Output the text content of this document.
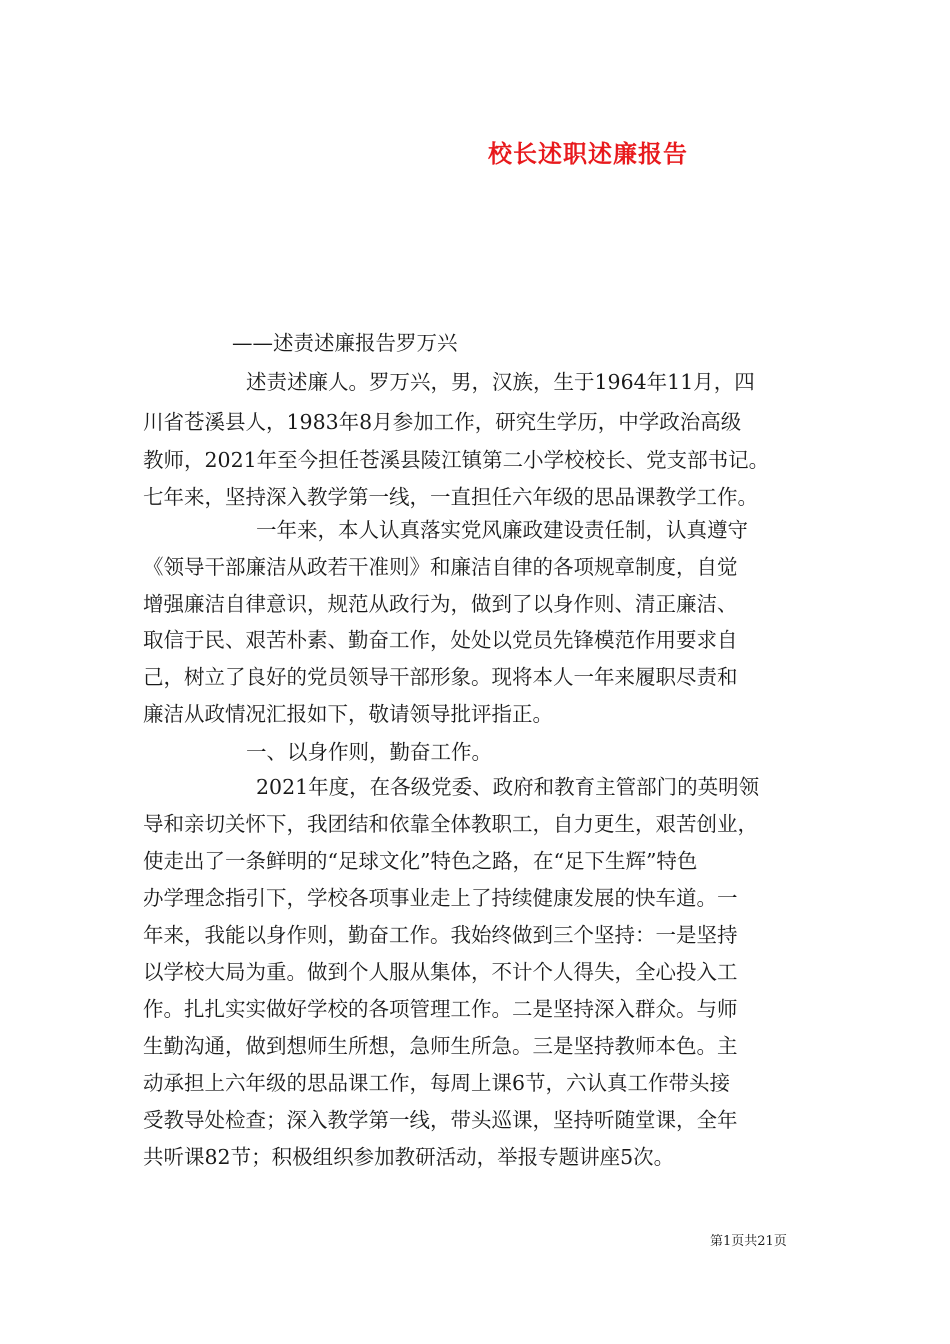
校长述职述廉报告
——述责述廉报告罗万兴
述责述廉人。罗万兴，男，汉族，生于1964年11月，四
川省苍溪县人，1983年8月参加工作，研究生学历，中学政治高级
教师，2021年至今担任苍溪县陵江镇第二小学校校长、党支部书记。
七年来，坚持深入教学第一线，一直担任六年级的思品课教学工作。
一年来，本人认真落实党风廉政建设责任制，认真遵守
《领导干部廉洁从政若干准则》和廉洁自律的各项规章制度，自觉
增强廉洁自律意识，规范从政行为，做到了以身作则、清正廉洁、
取信于民、艰苦朴素、勤奋工作，处处以党员先锋模范作用要求自
己，树立了良好的党员领导干部形象。现将本人一年来履职尽责和
廉洁从政情况汇报如下，敬请领导批评指正。
一、以身作则，勤奋工作。
2021年度，在各级党委、政府和教育主管部门的英明领
导和亲切关怀下，我团结和依靠全体教职工，自力更生，艰苦创业，
使走出了一条鲜明的“足球文化”特色之路，在“足下生辉”特色
办学理念指引下，学校各项事业走上了持续健康发展的快车道。一
年来，我能以身作则，勤奋工作。我始终做到三个坚持：一是坚持
以学校大局为重。做到个人服从集体，不计个人得失，全心投入工
作。扎扎实实做好学校的各项管理工作。二是坚持深入群众。与师
生勤沟通，做到想师生所想，急师生所急。三是坚持教师本色。主
动承担上六年级的思品课工作，每周上课6节，六认真工作带头接
受教导处检查；深入教学第一线，带头巡课，坚持听随堂课，全年
共听课82节；积极组织参加教研活动，举报专题讲座5次。
第1页共21页
